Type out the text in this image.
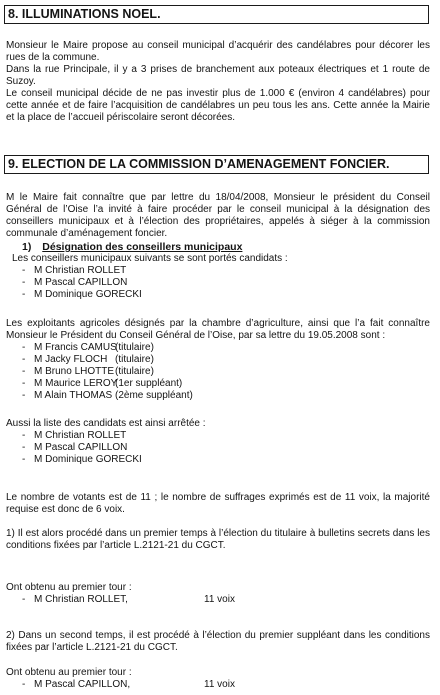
8. ILLUMINATIONS NOEL.
Monsieur le Maire propose au conseil municipal d’acquérir des candélabres pour décorer les rues de la commune.
Dans la rue Principale, il y a 3 prises de branchement aux poteaux électriques et 1 route de Suzoy.
Le conseil municipal décide de ne pas investir plus de 1.000 € (environ 4 candélabres) pour cette année et de faire l’acquisition de candélabres un peu tous les ans. Cette année la Mairie et la place de l’accueil périscolaire seront décorées.
9. ELECTION DE LA COMMISSION D’AMENAGEMENT FONCIER.
M le Maire fait connaître que par lettre du 18/04/2008, Monsieur le président du Conseil Général de l’Oise l’a invité à faire procéder par le conseil municipal à la désignation des conseillers municipaux et à l’élection des propriétaires, appelés à siéger à la commission communale d’aménagement foncier.
1) Désignation des conseillers municipaux
Les conseillers municipaux suivants se sont portés candidats :
- M Christian ROLLET
- M Pascal CAPILLON
- M Dominique GORECKI
Les exploitants agricoles désignés par la chambre d’agriculture, ainsi que l’a fait connaître Monsieur le Président du Conseil Général de l’Oise, par sa lettre du 19.05.2008 sont :
- M Francis CAMUS
(titulaire)
- M Jacky FLOCH (titulaire)
- M Bruno LHOTTE (titulaire)
- M Maurice LEROY
(1er suppléant)
- M Alain THOMAS (2ème suppléant)
Aussi la liste des candidats est ainsi arrêtée :
- M Christian ROLLET
- M Pascal CAPILLON
- M Dominique GORECKI
Le nombre de votants est de 11 ; le nombre de suffrages exprimés est de 11 voix, la majorité requise est donc de 6 voix.
1) Il est alors procédé dans un premier temps à l’élection du titulaire à bulletins secrets dans les conditions fixées par l’article L.2121-21 du CGCT.
Ont obtenu au premier tour :
- M Christian ROLLET,	11 voix
2) Dans un second temps, il est procédé à l’élection du premier suppléant dans les conditions fixées par l’article L.2121-21 du CGCT.
Ont obtenu au premier tour :
- M Pascal CAPILLON,	11 voix
